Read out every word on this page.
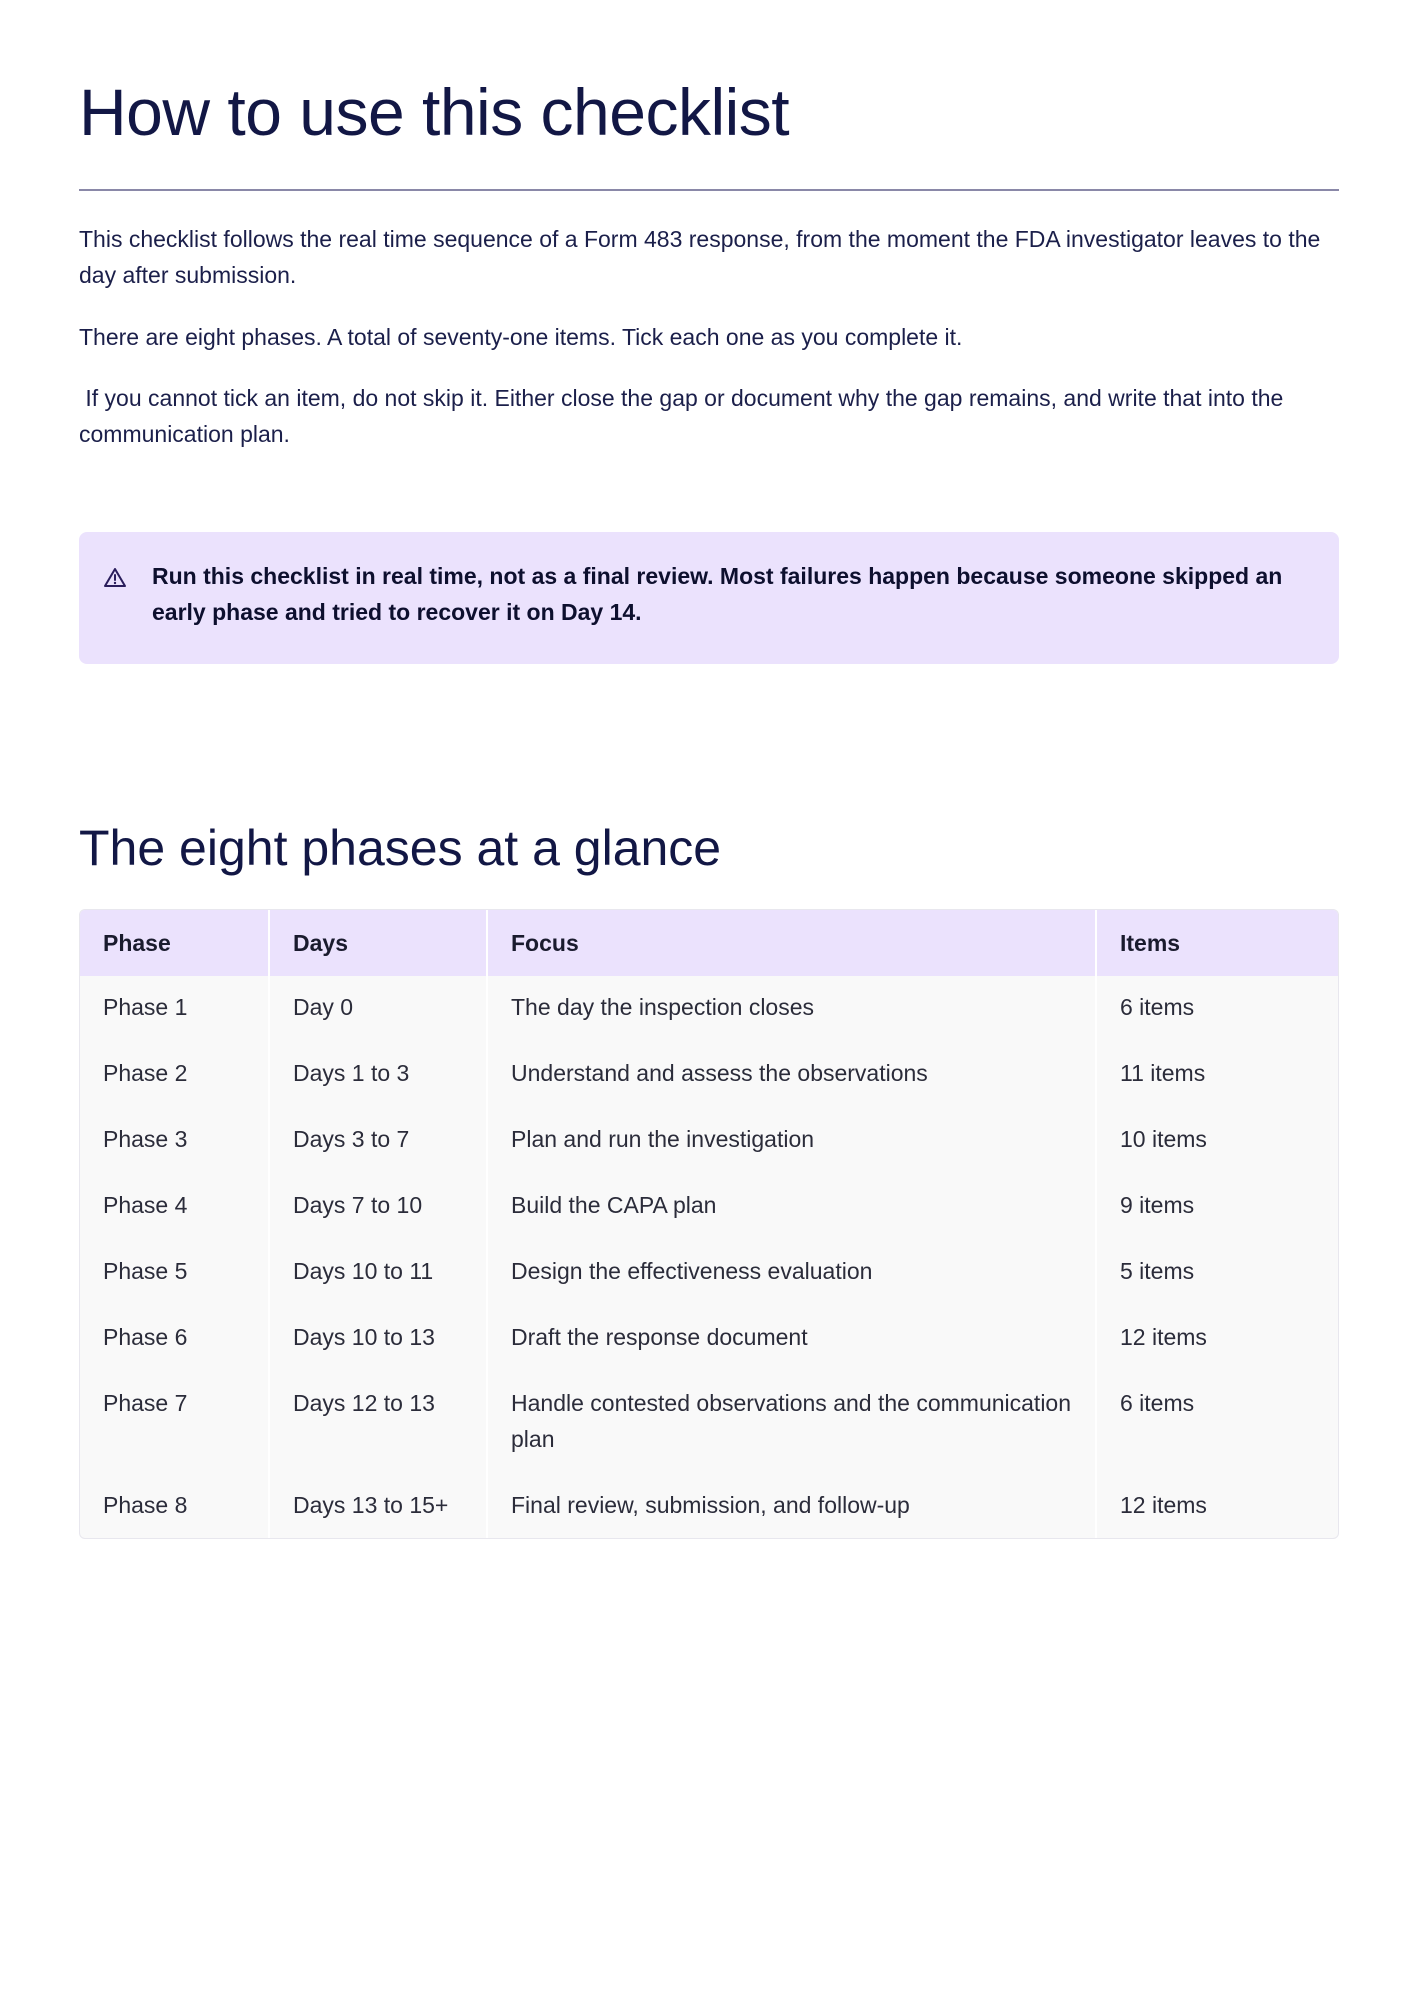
How to use this checklist

This checklist follows the real time sequence of a Form 483 response, from the moment the FDA investigator leaves to the day after submission.

There are eight phases. A total of seventy-one items. Tick each one as you complete it.

If you cannot tick an item, do not skip it. Either close the gap or document why the gap remains, and write that into the communication plan.

Run this checklist in real time, not as a final review. Most failures happen because someone skipped an early phase and tried to recover it on Day 14.
The eight phases at a glance
Phase	Days	Focus	Items
Phase 1	Day 0	The day the inspection closes	6 items
Phase 2	Days 1 to 3	Understand and assess the observations	11 items
Phase 3	Days 3 to 7	Plan and run the investigation	10 items
Phase 4	Days 7 to 10	Build the CAPA plan	9 items
Phase 5	Days 10 to 11	Design the effectiveness evaluation	5 items
Phase 6	Days 10 to 13	Draft the response document	12 items
Phase 7	Days 12 to 13	Handle contested observations and the communication plan	6 items
Phase 8	Days 13 to 15+	Final review, submission, and follow-up	12 items
